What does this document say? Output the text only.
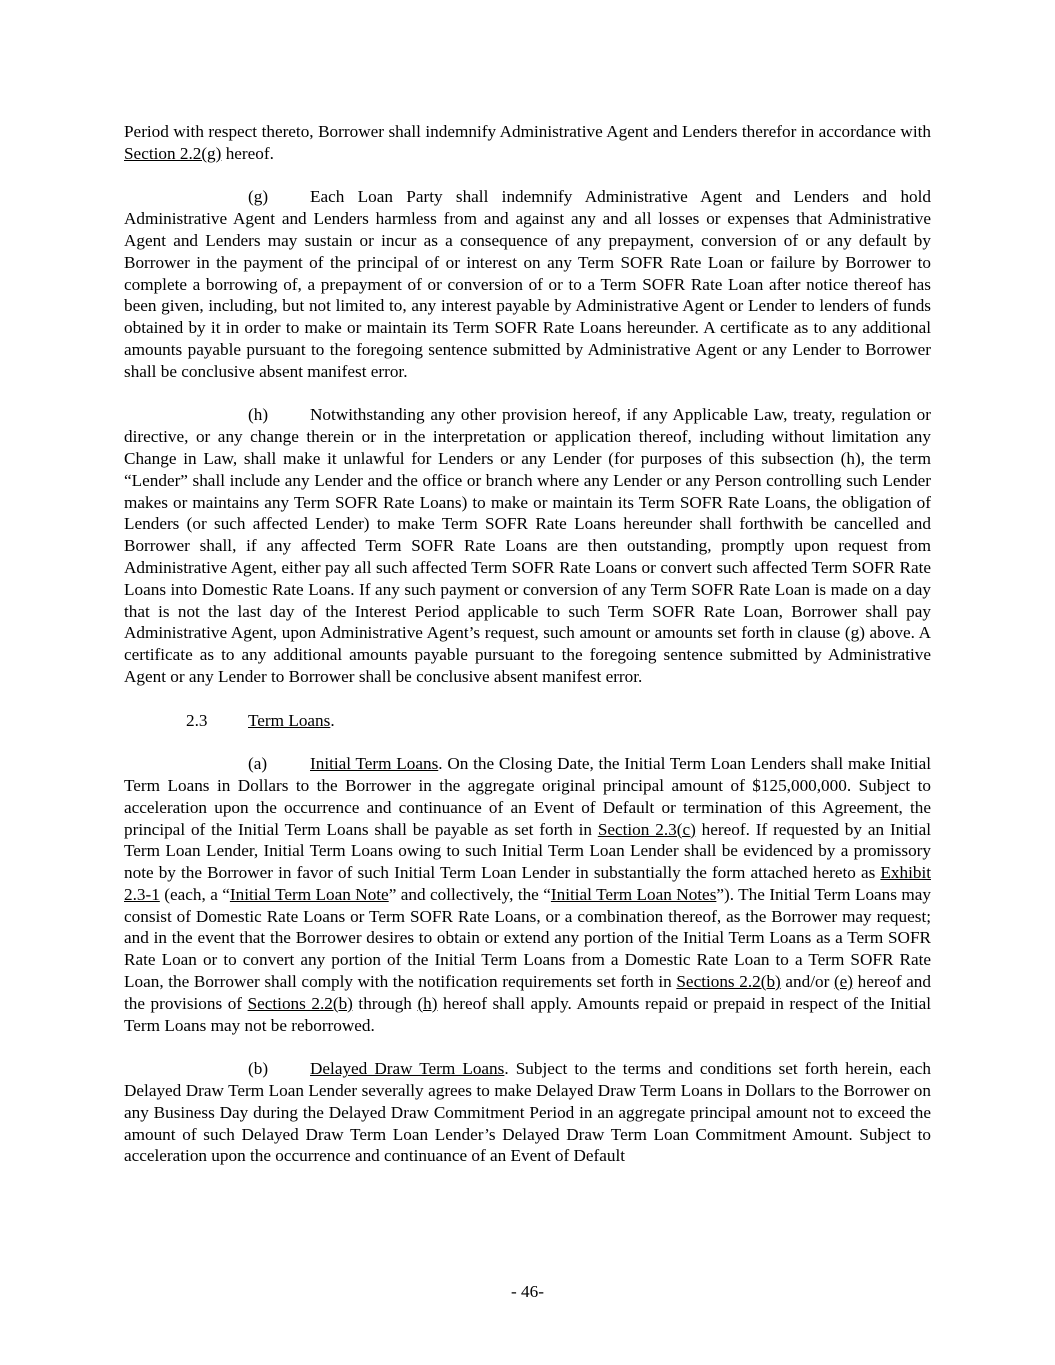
Period with respect thereto, Borrower shall indemnify Administrative Agent and Lenders therefor in accordance with Section 2.2(g) hereof.

(g) Each Loan Party shall indemnify Administrative Agent and Lenders and hold Administrative Agent and Lenders harmless from and against any and all losses or expenses that Administrative Agent and Lenders may sustain or incur as a consequence of any prepayment, conversion of or any default by Borrower in the payment of the principal of or interest on any Term SOFR Rate Loan or failure by Borrower to complete a borrowing of, a prepayment of or conversion of or to a Term SOFR Rate Loan after notice thereof has been given, including, but not limited to, any interest payable by Administrative Agent or Lender to lenders of funds obtained by it in order to make or maintain its Term SOFR Rate Loans hereunder. A certificate as to any additional amounts payable pursuant to the foregoing sentence submitted by Administrative Agent or any Lender to Borrower shall be conclusive absent manifest error.

(h) Notwithstanding any other provision hereof, if any Applicable Law, treaty, regulation or directive, or any change therein or in the interpretation or application thereof, including without limitation any Change in Law, shall make it unlawful for Lenders or any Lender (for purposes of this subsection (h), the term “Lender” shall include any Lender and the office or branch where any Lender or any Person controlling such Lender makes or maintains any Term SOFR Rate Loans) to make or maintain its Term SOFR Rate Loans, the obligation of Lenders (or such affected Lender) to make Term SOFR Rate Loans hereunder shall forthwith be cancelled and Borrower shall, if any affected Term SOFR Rate Loans are then outstanding, promptly upon request from Administrative Agent, either pay all such affected Term SOFR Rate Loans or convert such affected Term SOFR Rate Loans into Domestic Rate Loans. If any such payment or conversion of any Term SOFR Rate Loan is made on a day that is not the last day of the Interest Period applicable to such Term SOFR Rate Loan, Borrower shall pay Administrative Agent, upon Administrative Agent’s request, such amount or amounts set forth in clause (g) above. A certificate as to any additional amounts payable pursuant to the foregoing sentence submitted by Administrative Agent or any Lender to Borrower shall be conclusive absent manifest error.

2.3 Term Loans.

(a) Initial Term Loans. On the Closing Date, the Initial Term Loan Lenders shall make Initial Term Loans in Dollars to the Borrower in the aggregate original principal amount of $125,000,000. Subject to acceleration upon the occurrence and continuance of an Event of Default or termination of this Agreement, the principal of the Initial Term Loans shall be payable as set forth in Section 2.3(c) hereof. If requested by an Initial Term Loan Lender, Initial Term Loans owing to such Initial Term Loan Lender shall be evidenced by a promissory note by the Borrower in favor of such Initial Term Loan Lender in substantially the form attached hereto as Exhibit 2.3-1 (each, a “Initial Term Loan Note” and collectively, the “Initial Term Loan Notes”). The Initial Term Loans may consist of Domestic Rate Loans or Term SOFR Rate Loans, or a combination thereof, as the Borrower may request; and in the event that the Borrower desires to obtain or extend any portion of the Initial Term Loans as a Term SOFR Rate Loan or to convert any portion of the Initial Term Loans from a Domestic Rate Loan to a Term SOFR Rate Loan, the Borrower shall comply with the notification requirements set forth in Sections 2.2(b) and/or (e) hereof and the provisions of Sections 2.2(b) through (h) hereof shall apply. Amounts repaid or prepaid in respect of the Initial Term Loans may not be reborrowed.

(b) Delayed Draw Term Loans. Subject to the terms and conditions set forth herein, each Delayed Draw Term Loan Lender severally agrees to make Delayed Draw Term Loans in Dollars to the Borrower on any Business Day during the Delayed Draw Commitment Period in an aggregate principal amount not to exceed the amount of such Delayed Draw Term Loan Lender’s Delayed Draw Term Loan Commitment Amount. Subject to acceleration upon the occurrence and continuance of an Event of Default

- 46-
